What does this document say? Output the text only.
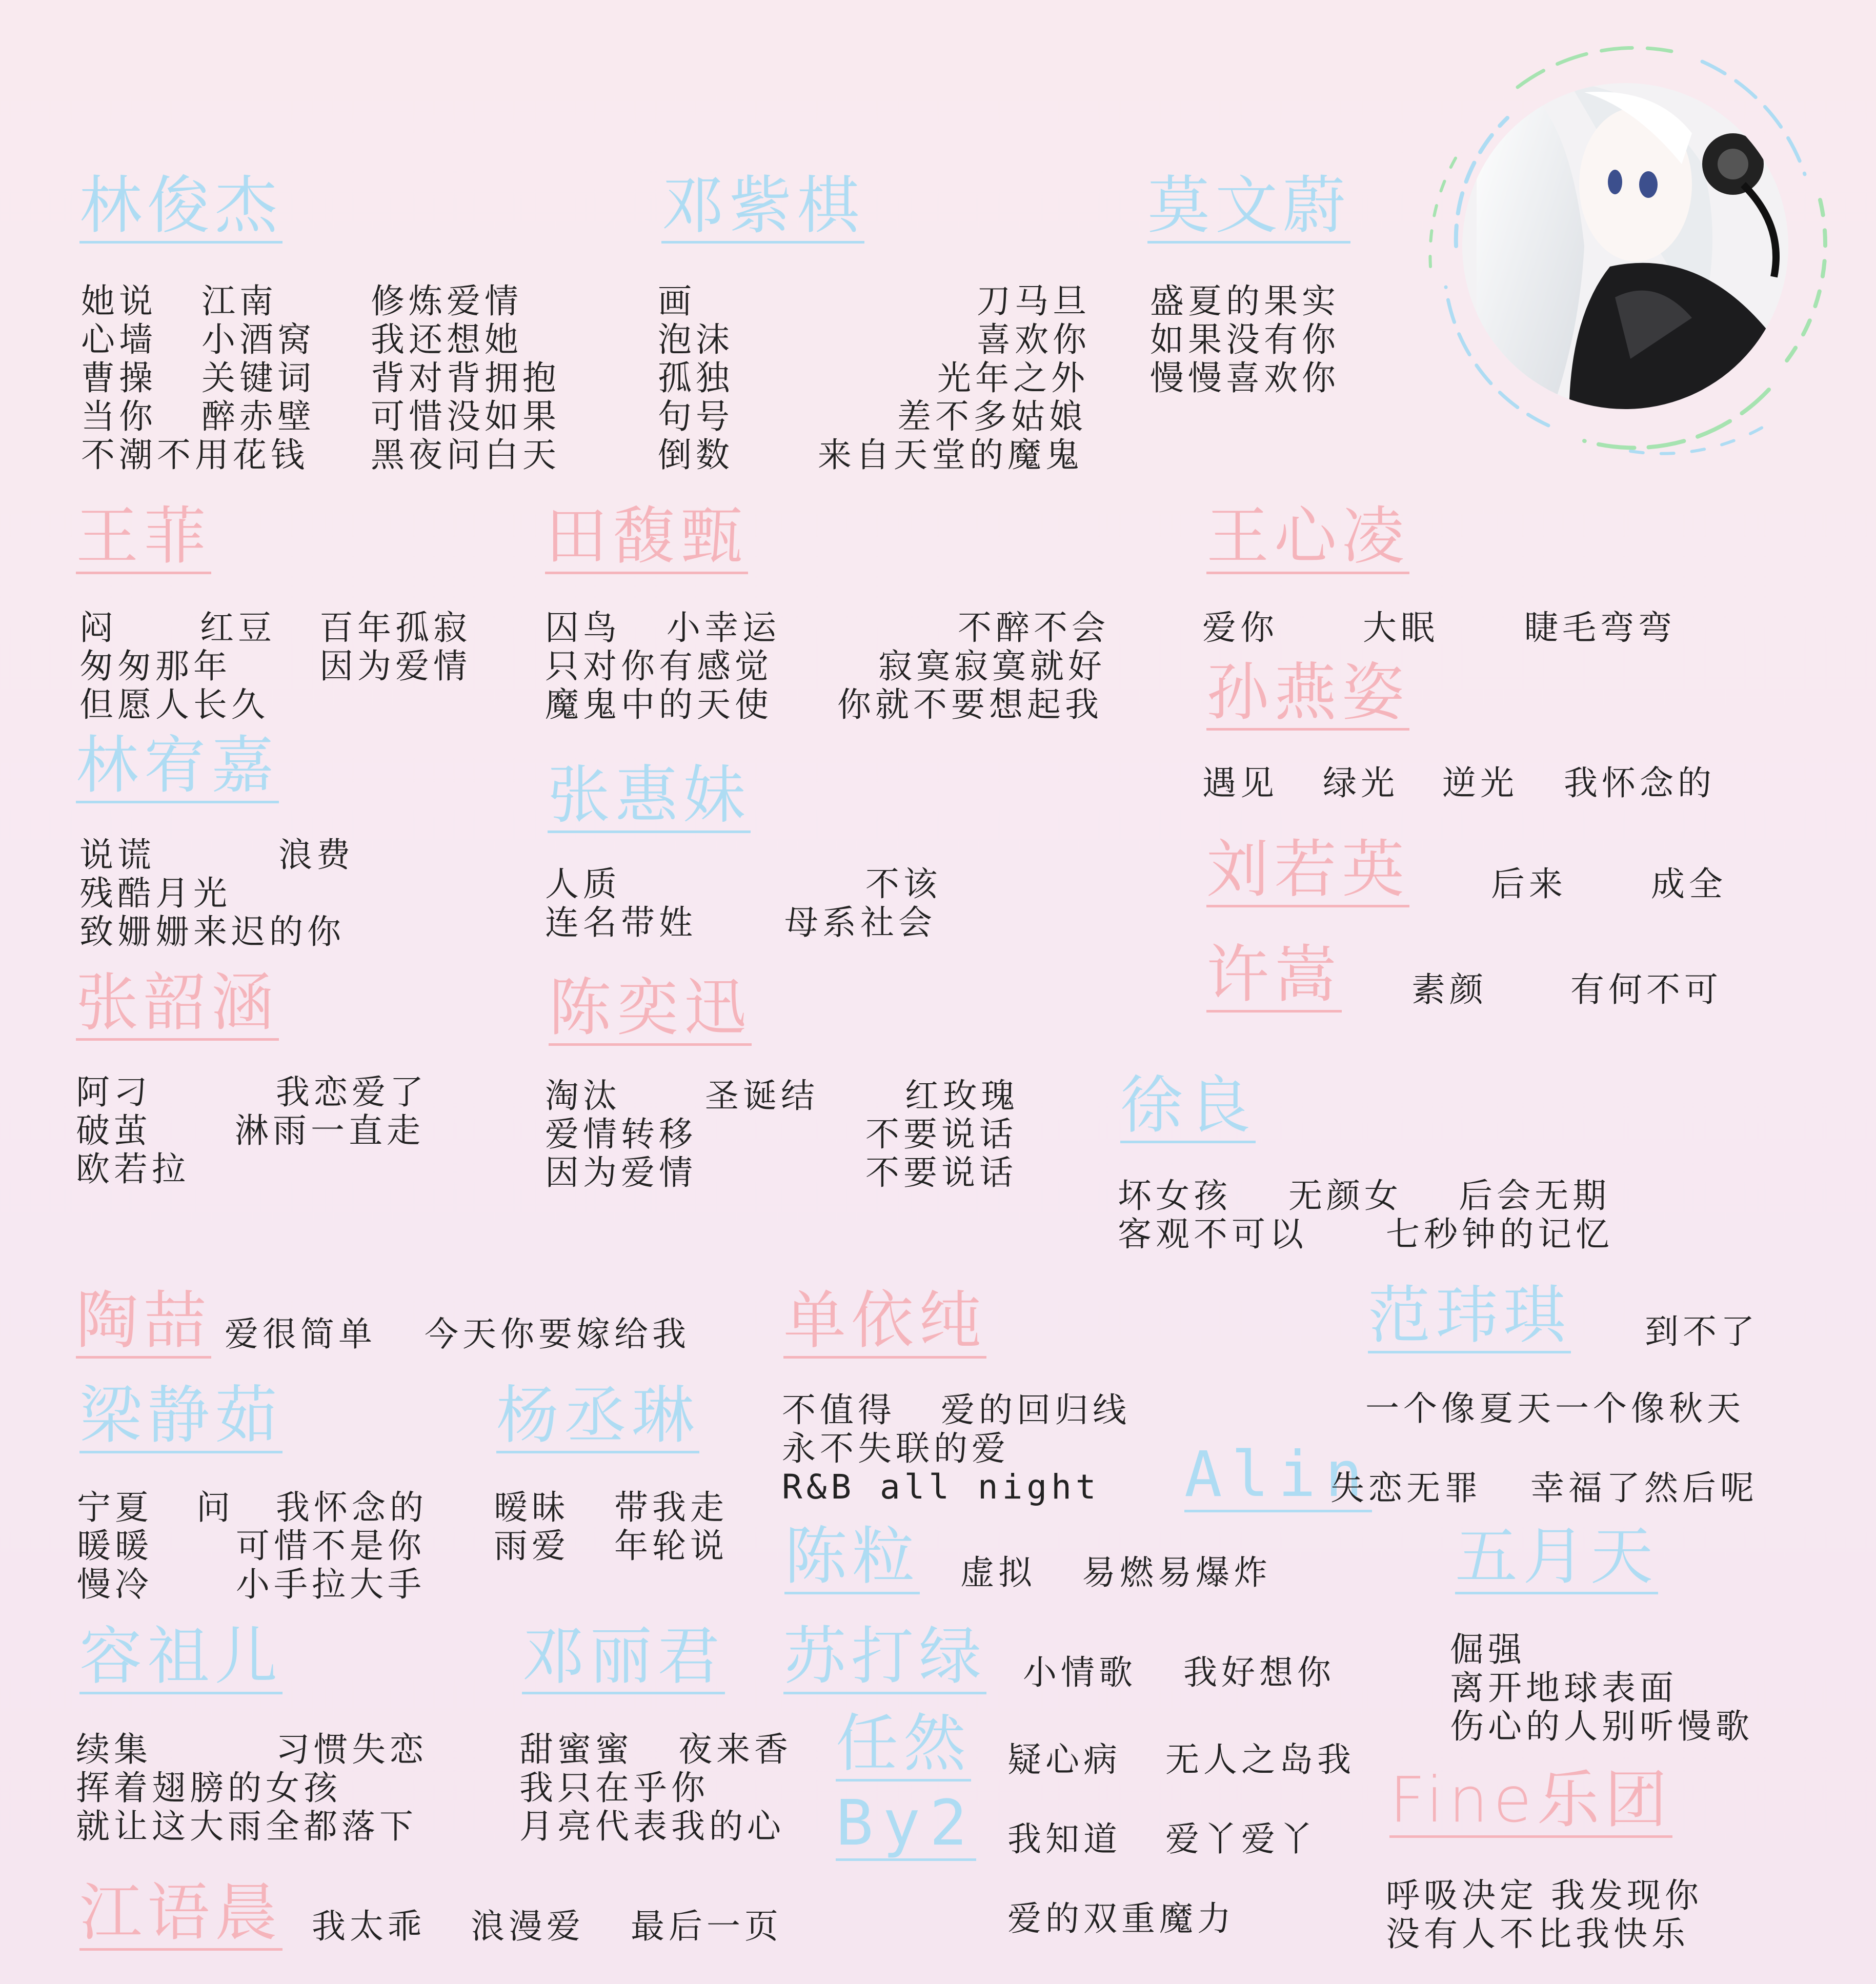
林俊杰
她说 江南	修炼爱情
心墙 小酒窝 我还想她
曹操 关键词 背对背拥抱
当你 醉赤壁 可惜没如果
不潮不用花钱 黑夜问白天
邓紫棋
画	刀马旦
泡沫	喜欢你
孤独	光年之外
句号	差不多姑娘
倒数 来自天堂的魔鬼
莫文蔚
盛夏的果实
如果没有你
慢慢喜欢你
王菲
闷 红豆 百年孤寂
匆匆那年	因为爱情
但愿人长久
田馥甄
囚鸟 小幸运	不醉不会
只对你有感觉	寂寞寂寞就好
魔鬼中的天使 你就不要想起我
王心凌
爱你	大眠	睫毛弯弯
孙燕姿
遇见 绿光 逆光 我怀念的
林宥嘉
说谎	浪费
残酷月光
致姗姗来迟的你
张惠妹
人质	不该
连名带姓	母系社会
刘若英 后来 成全
许嵩 素颜 有何不可
张韶涵
阿刁	我恋爱了
破茧 淋雨一直走
欧若拉
陈奕迅
淘汰 圣诞结	红玫瑰
爱情转移	不要说话
因为爱情	不要说话
徐良
坏女孩 无颜女 后会无期
客观不可以 七秒钟的记忆
陶喆 爱很简单 今天你要嫁给我 单依纯
不值得 爱的回归线
永不失联的爱
R&B all night
范玮琪 到不了
一个像夏天一个像秋天
梁静茹
宁夏 问 我怀念的
暖暖 可惜不是你
慢冷 小手拉大手
杨丞琳
暧昧 带我走
雨爱 年轮说
Alin
失恋无罪 幸福了然后呢
陈粒 虚拟 易燃易爆炸	五月天
倔强
离开地球表面
伤心的人别听慢歌
容祖儿
续集	习惯失恋
挥着翅膀的女孩
就让这大雨全都落下
邓丽君
甜蜜蜜 夜来香
我只在乎你
月亮代表我的心
苏打绿 小情歌 我好想你
任然 疑心病 无人之岛我
By2 我知道 爱丫爱丫
爱的双重魔力
Fine乐团
呼吸决定 我发现你
没有人不比我快乐
江语晨 我太乖 浪漫爱 最后一页
